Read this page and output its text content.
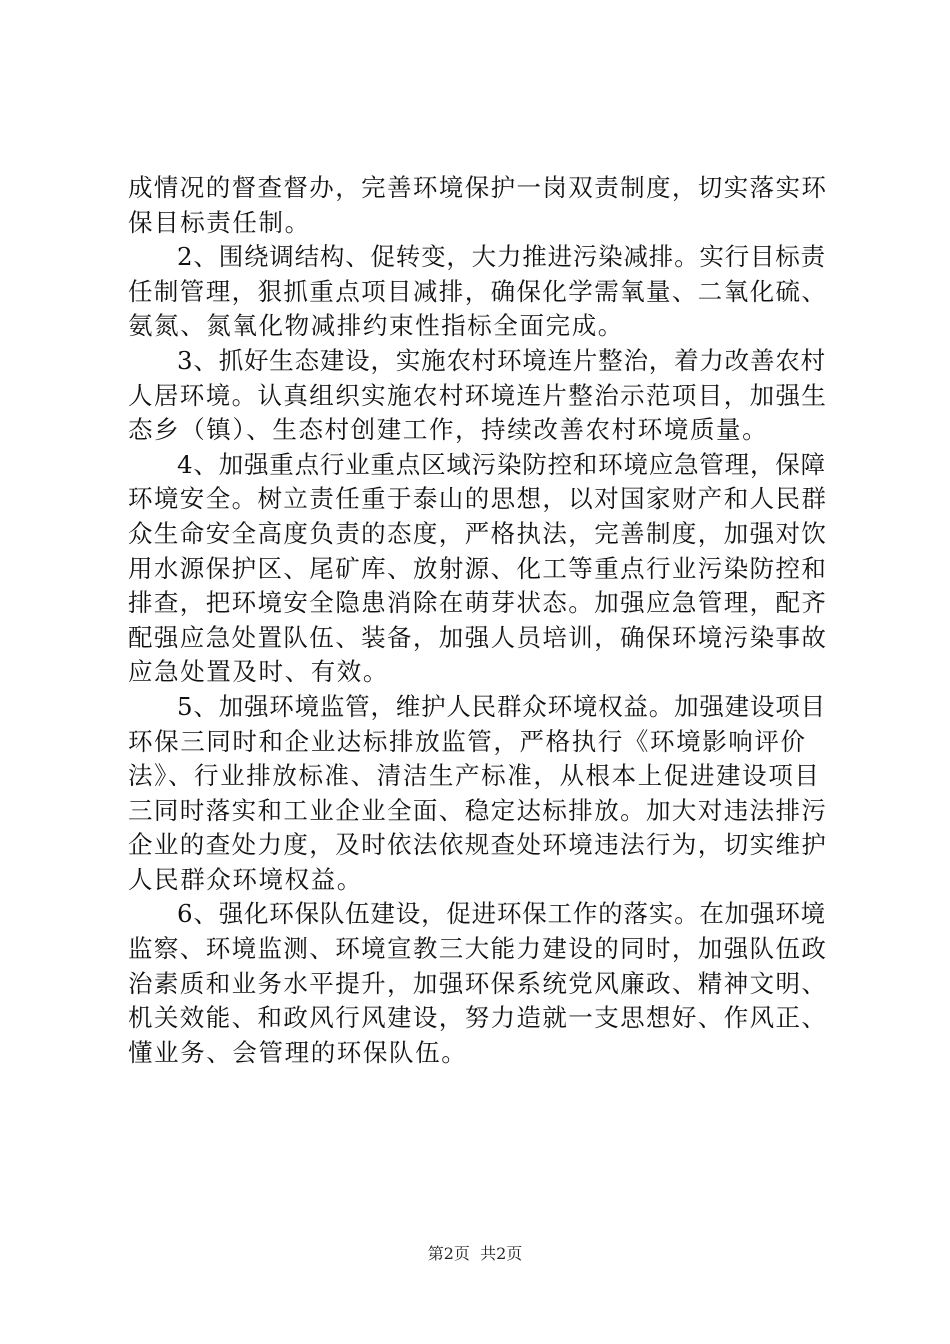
成情况的督查督办，完善环境保护一岗双责制度，切实落实环
保目标责任制。
2、围绕调结构、促转变，大力推进污染减排。实行目标责
任制管理，狠抓重点项目减排，确保化学需氧量、二氧化硫、
氨氮、氮氧化物减排约束性指标全面完成。
3、抓好生态建设，实施农村环境连片整治，着力改善农村
人居环境。认真组织实施农村环境连片整治示范项目，加强生
态乡（镇）、生态村创建工作，持续改善农村环境质量。
4、加强重点行业重点区域污染防控和环境应急管理，保障
环境安全。树立责任重于泰山的思想，以对国家财产和人民群
众生命安全高度负责的态度，严格执法，完善制度，加强对饮
用水源保护区、尾矿库、放射源、化工等重点行业污染防控和
排查，把环境安全隐患消除在萌芽状态。加强应急管理，配齐
配强应急处置队伍、装备，加强人员培训，确保环境污染事故
应急处置及时、有效。
5、加强环境监管，维护人民群众环境权益。加强建设项目
环保三同时和企业达标排放监管，严格执行《环境影响评价
法》、行业排放标准、清洁生产标准，从根本上促进建设项目
三同时落实和工业企业全面、稳定达标排放。加大对违法排污
企业的查处力度，及时依法依规查处环境违法行为，切实维护
人民群众环境权益。
6、强化环保队伍建设，促进环保工作的落实。在加强环境
监察、环境监测、环境宣教三大能力建设的同时，加强队伍政
治素质和业务水平提升，加强环保系统党风廉政、精神文明、
机关效能、和政风行风建设，努力造就一支思想好、作风正、
懂业务、会管理的环保队伍。
第2页 共2页
